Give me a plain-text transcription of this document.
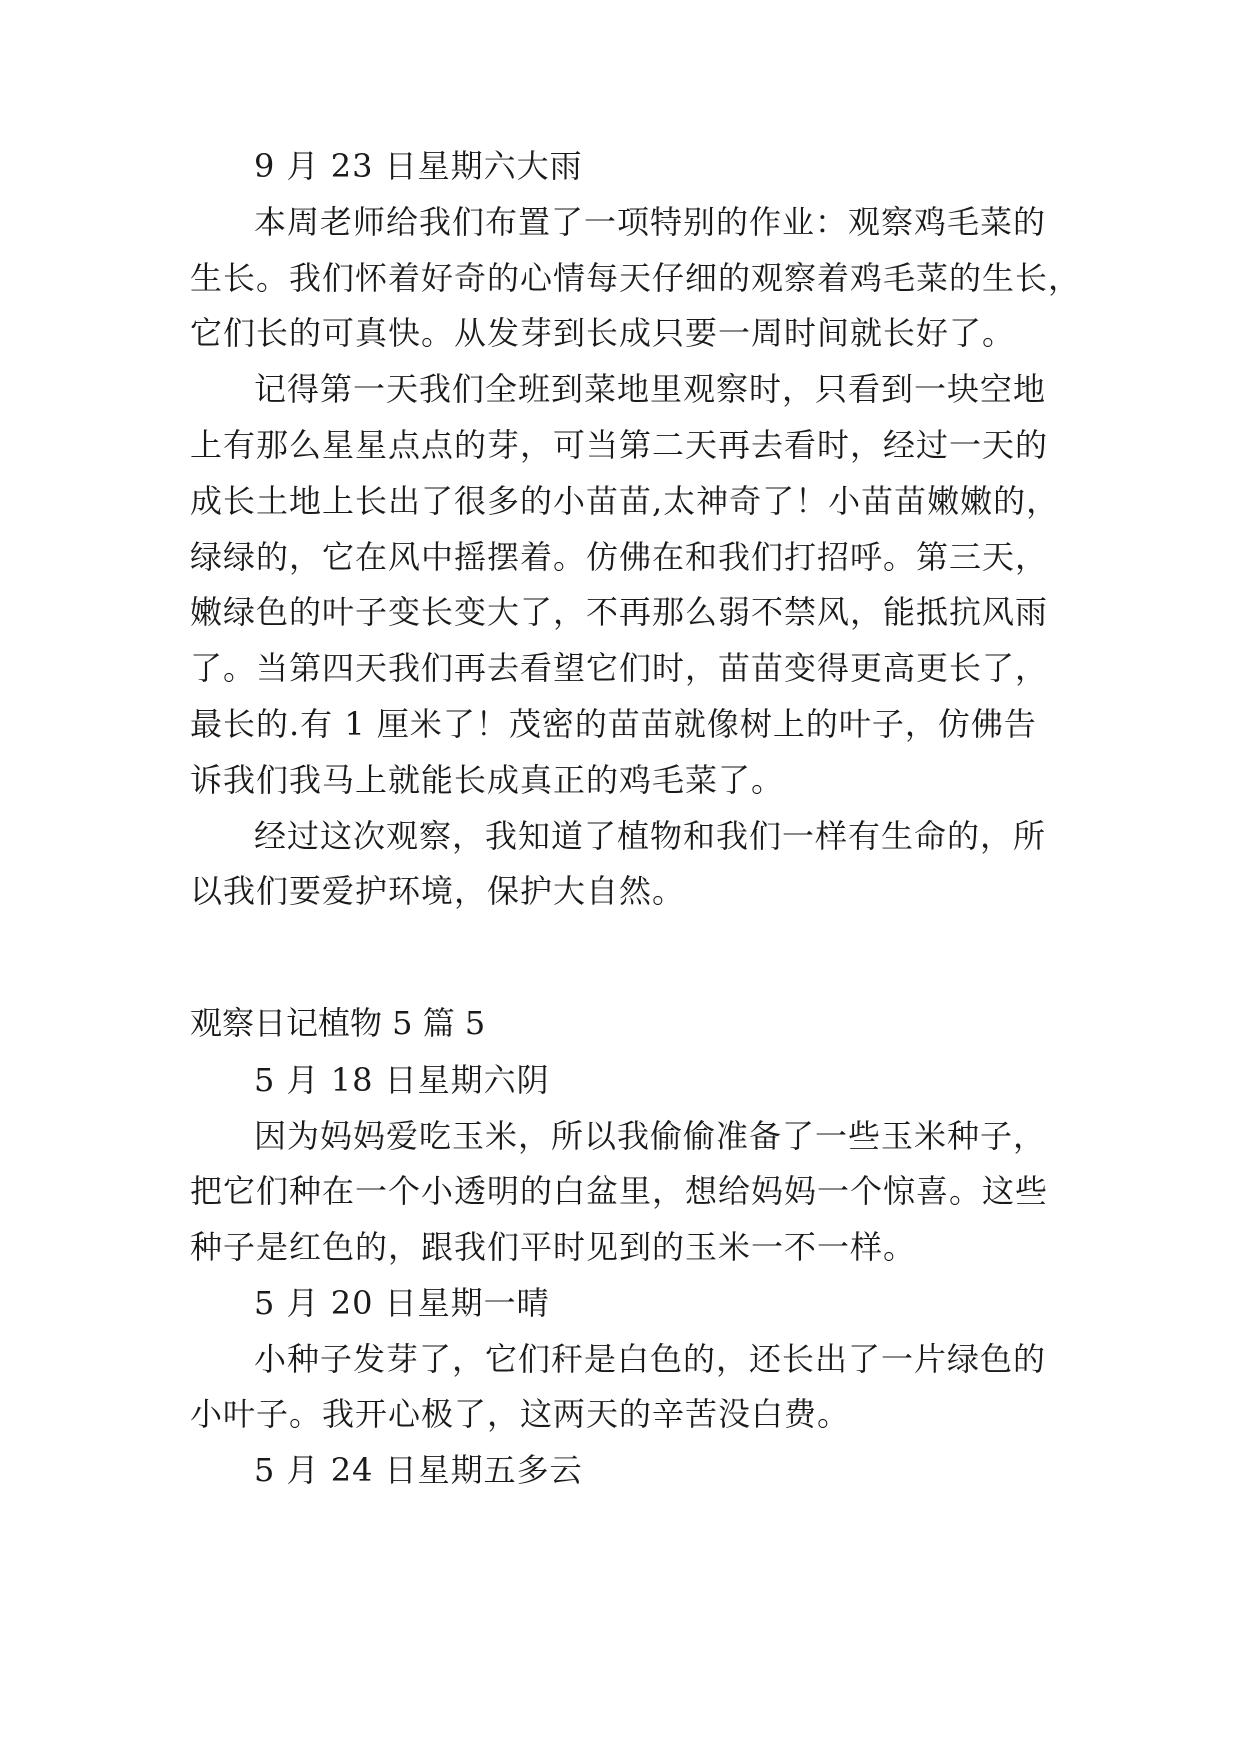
9 月 23 日星期六大雨
本周老师给我们布置了一项特别的作业：观察鸡毛菜的
生长。我们怀着好奇的心情每天仔细的观察着鸡毛菜的生长，
它们长的可真快。从发芽到长成只要一周时间就长好了。
记得第一天我们全班到菜地里观察时，只看到一块空地
上有那么星星点点的芽，可当第二天再去看时，经过一天的
成长土地上长出了很多的小苗苗,太神奇了！小苗苗嫩嫩的，
绿绿的，它在风中摇摆着。仿佛在和我们打招呼。第三天，
嫩绿色的叶子变长变大了，不再那么弱不禁风，能抵抗风雨
了。当第四天我们再去看望它们时，苗苗变得更高更长了，
最长的.有 1 厘米了！茂密的苗苗就像树上的叶子，仿佛告
诉我们我马上就能长成真正的鸡毛菜了。
经过这次观察，我知道了植物和我们一样有生命的，所
以我们要爱护环境，保护大自然。
观察日记植物 5 篇 5
5 月 18 日星期六阴
因为妈妈爱吃玉米，所以我偷偷准备了一些玉米种子，
把它们种在一个小透明的白盆里，想给妈妈一个惊喜。这些
种子是红色的，跟我们平时见到的玉米一不一样。
5 月 20 日星期一晴
小种子发芽了，它们秆是白色的，还长出了一片绿色的
小叶子。我开心极了，这两天的辛苦没白费。
5 月 24 日星期五多云
